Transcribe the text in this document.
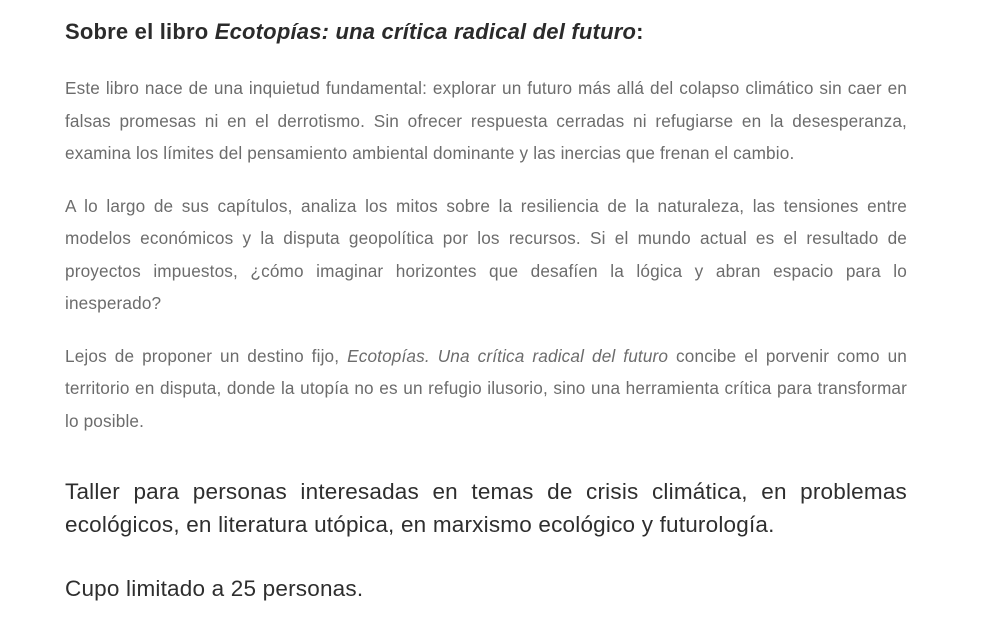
Sobre el libro Ecotopías: una crítica radical del futuro:

Este libro nace de una inquietud fundamental: explorar un futuro más allá del colapso climático sin caer en falsas promesas ni en el derrotismo. Sin ofrecer respuesta cerradas ni refugiarse en la desesperanza, examina los límites del pensamiento ambiental dominante y las inercias que frenan el cambio.

A lo largo de sus capítulos, analiza los mitos sobre la resiliencia de la naturaleza, las tensiones entre modelos económicos y la disputa geopolítica por los recursos. Si el mundo actual es el resultado de proyectos impuestos, ¿cómo imaginar horizontes que desafíen la lógica y abran espacio para lo inesperado?

Lejos de proponer un destino fijo, Ecotopías. Una crítica radical del futuro concibe el porvenir como un territorio en disputa, donde la utopía no es un refugio ilusorio, sino una herramienta crítica para transformar lo posible.

Taller para personas interesadas en temas de crisis climática, en problemas ecológicos, en literatura utópica, en marxismo ecológico y futurología.

Cupo limitado a 25 personas.
